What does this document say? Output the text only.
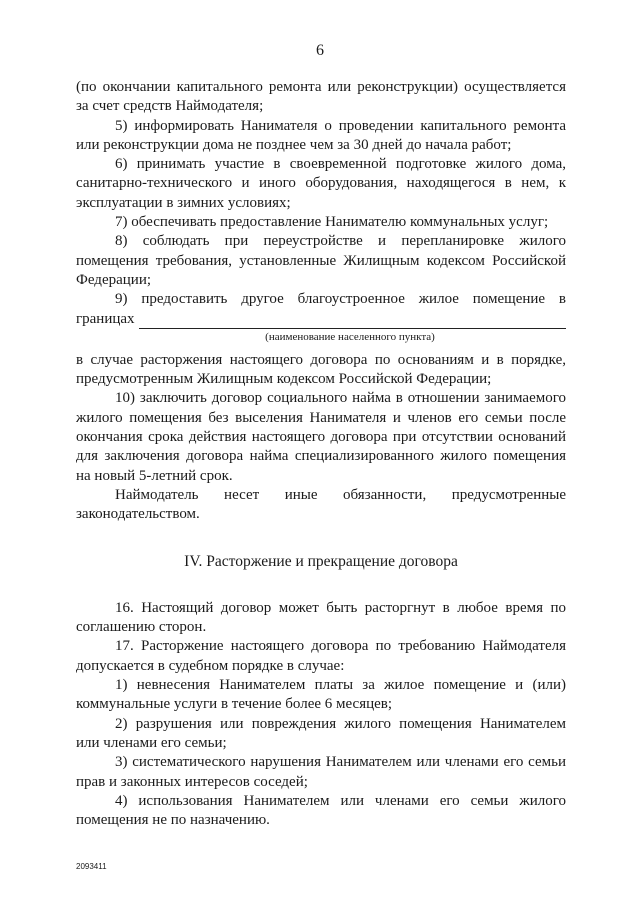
6
(по окончании капитального ремонта или реконструкции) осуществляется
за счет средств Наймодателя;
5) информировать Нанимателя о проведении капитального ремонта
или реконструкции дома не позднее чем за 30 дней до начала работ;
6) принимать участие в своевременной подготовке жилого дома,
санитарно-технического и иного оборудования, находящегося в нем, к
эксплуатации в зимних условиях;
7) обеспечивать предоставление Нанимателю коммунальных услуг;
8) соблюдать при переустройстве и перепланировке жилого
помещения требования, установленные Жилищным кодексом Российской
Федерации;
9) предоставить другое благоустроенное жилое помещение в
границах
(наименование населенного пункта)
в случае расторжения настоящего договора по основаниям и в порядке,
предусмотренным Жилищным кодексом Российской Федерации;
10) заключить договор социального найма в отношении занимаемого
жилого помещения без выселения Нанимателя и членов его семьи после
окончания срока действия настоящего договора при отсутствии оснований
для заключения договора найма специализированного жилого помещения
на новый 5-летний срок.
Наймодатель несет иные обязанности, предусмотренные
законодательством.
IV. Расторжение и прекращение договора
16. Настоящий договор может быть расторгнут в любое время по
соглашению сторон.
17. Расторжение настоящего договора по требованию Наймодателя
допускается в судебном порядке в случае:
1) невнесения Нанимателем платы за жилое помещение и (или)
коммунальные услуги в течение более 6 месяцев;
2) разрушения или повреждения жилого помещения Нанимателем
или членами его семьи;
3) систематического нарушения Нанимателем или членами его семьи
прав и законных интересов соседей;
4) использования Нанимателем или членами его семьи жилого
помещения не по назначению.
2093411
